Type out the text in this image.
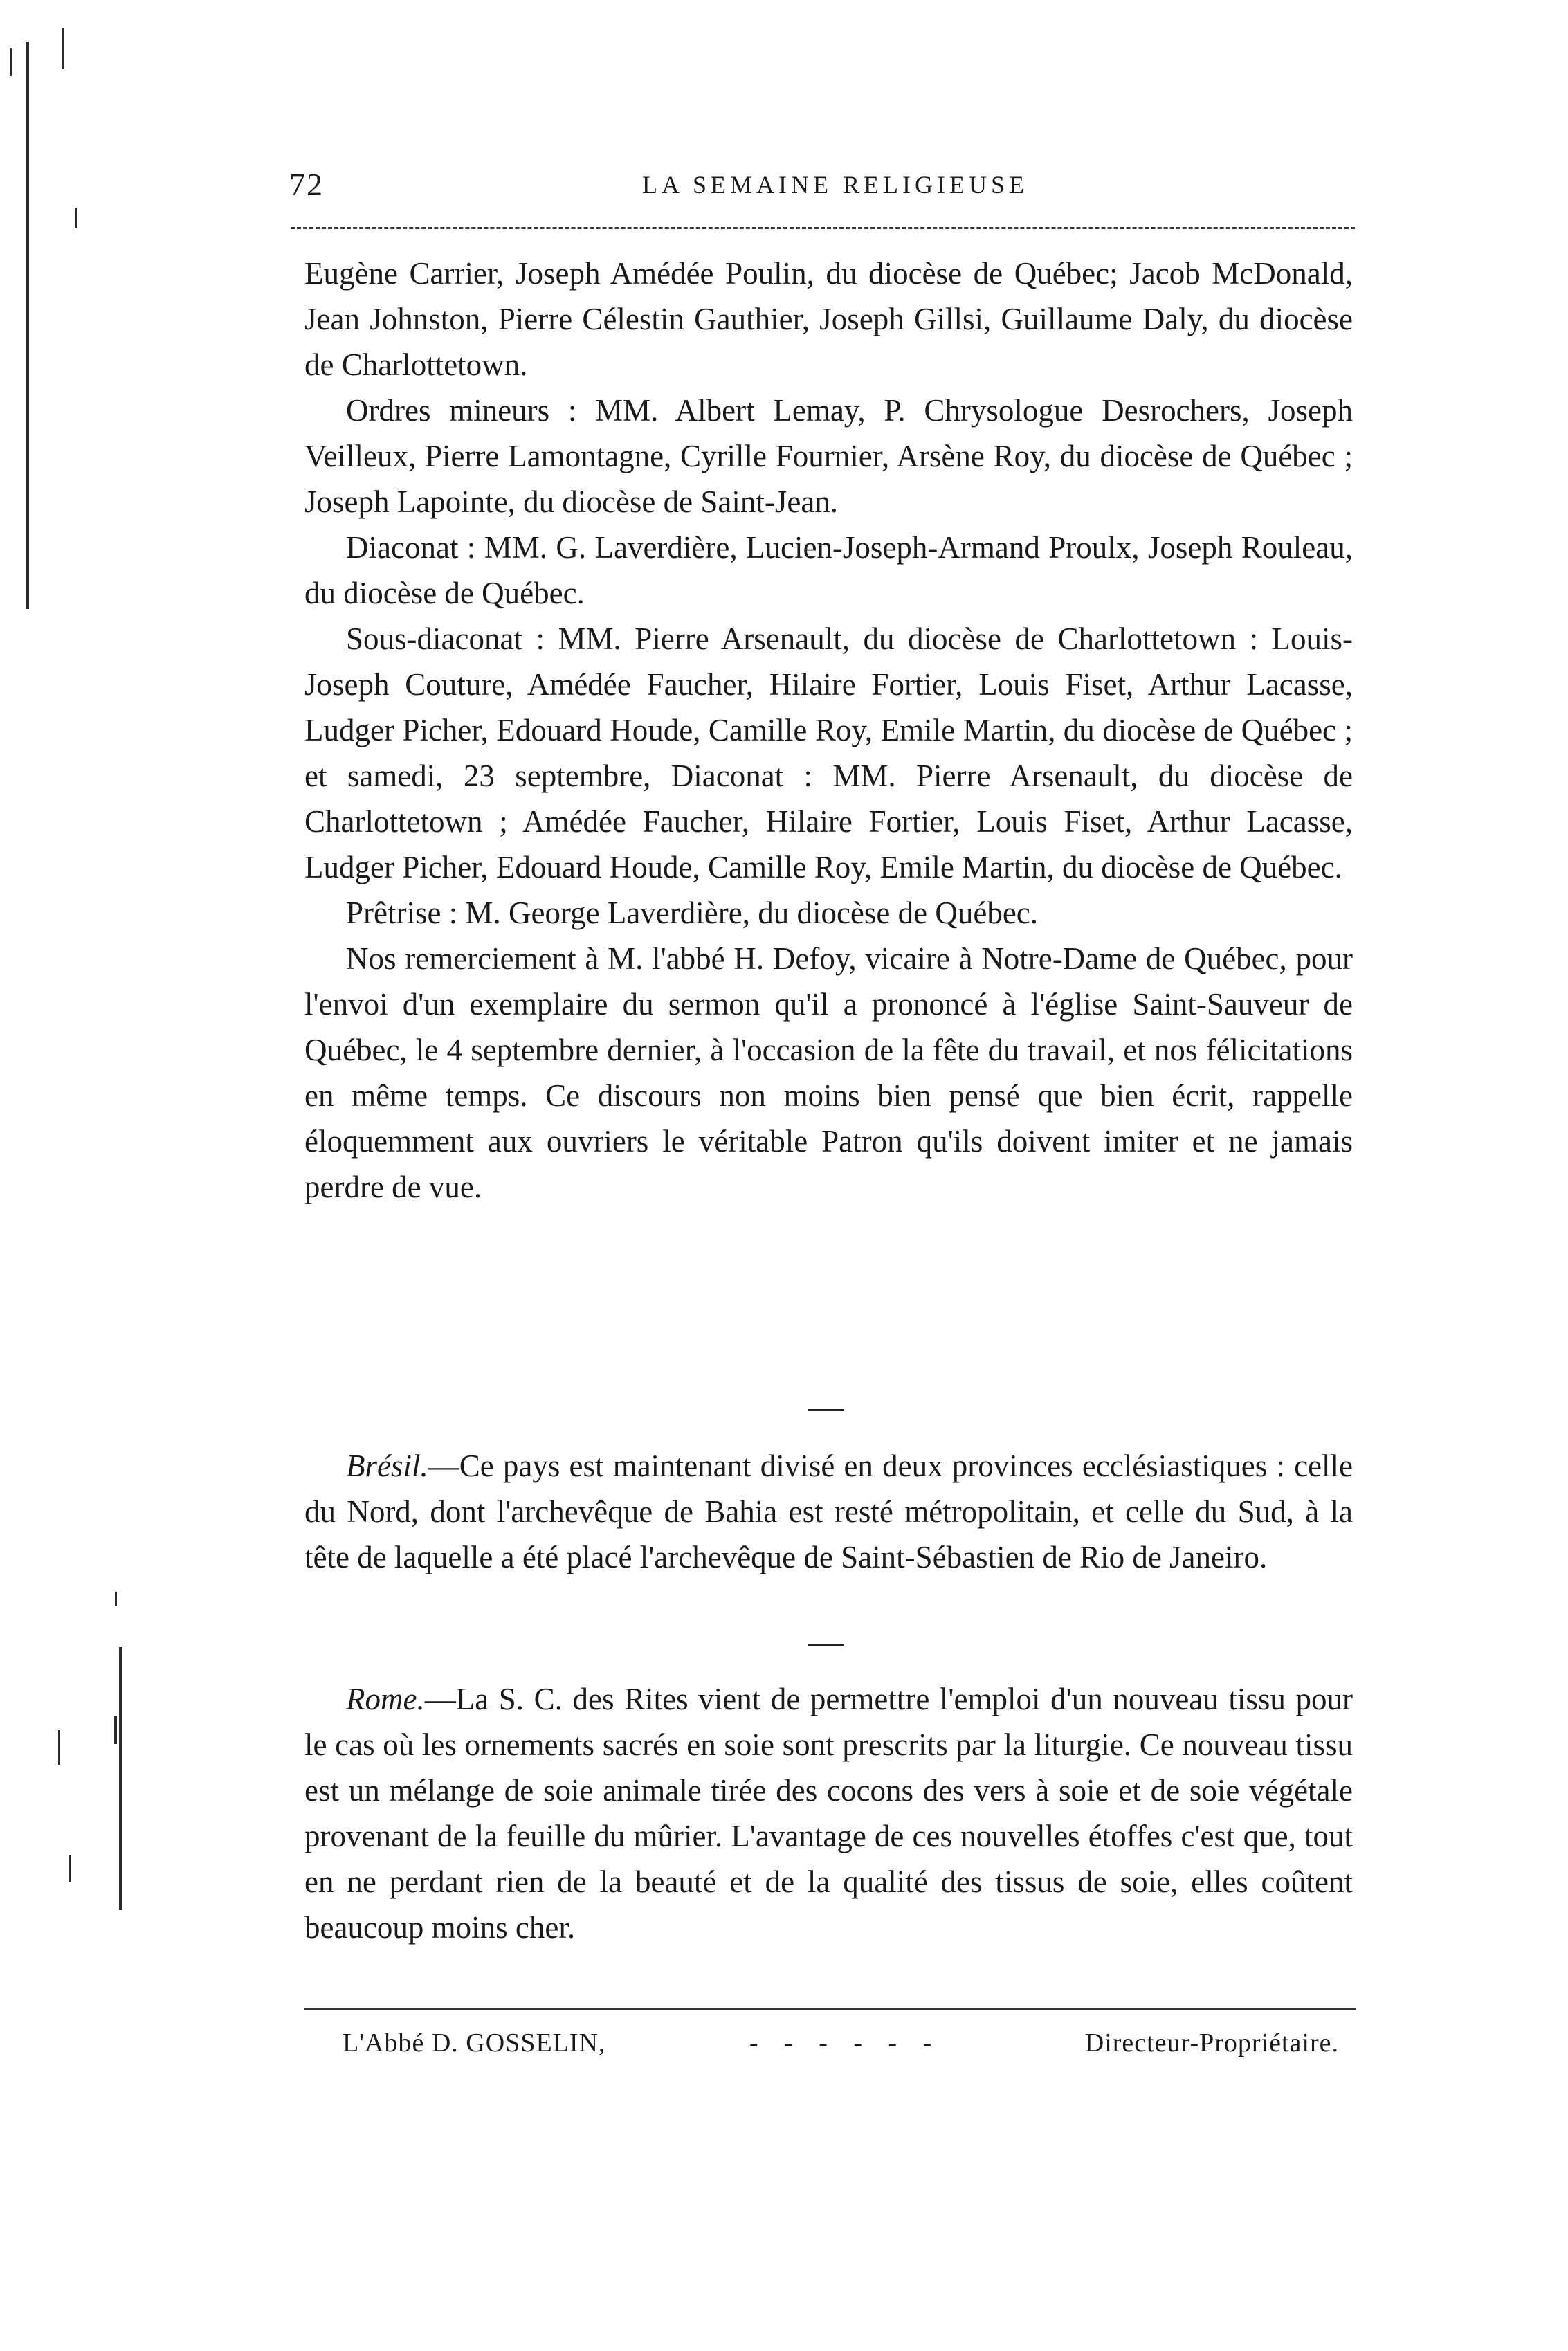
72	LA SEMAINE RELIGIEUSE

Eugène Carrier, Joseph Amédée Poulin, du diocèse de Québec; Jacob McDonald, Jean Johnston, Pierre Célestin Gauthier, Joseph Gillsi, Guillaume Daly, du diocèse de Charlottetown.

Ordres mineurs : MM. Albert Lemay, P. Chrysologue Desrochers, Joseph Veilleux, Pierre Lamontagne, Cyrille Fournier, Arsène Roy, du diocèse de Québec ; Joseph Lapointe, du diocèse de Saint-Jean.

Diaconat : MM. G. Laverdière, Lucien-Joseph-Armand Proulx, Joseph Rouleau, du diocèse de Québec.

Sous-diaconat : MM. Pierre Arsenault, du diocèse de Charlottetown : Louis-Joseph Couture, Amédée Faucher, Hilaire Fortier, Louis Fiset, Arthur Lacasse, Ludger Picher, Edouard Houde, Camille Roy, Emile Martin, du diocèse de Québec ; et samedi, 23 septembre, Diaconat : MM. Pierre Arsenault, du diocèse de Charlottetown ; Amédée Faucher, Hilaire Fortier, Louis Fiset, Arthur Lacasse, Ludger Picher, Edouard Houde, Camille Roy, Emile Martin, du diocèse de Québec.

Prêtrise : M. George Laverdière, du diocèse de Québec.

Nos remerciement à M. l'abbé H. Defoy, vicaire à Notre-Dame de Québec, pour l'envoi d'un exemplaire du sermon qu'il a prononcé à l'église Saint-Sauveur de Québec, le 4 septembre dernier, à l'occasion de la fête du travail, et nos félicitations en même temps. Ce discours non moins bien pensé que bien écrit, rappelle éloquemment aux ouvriers le véritable Patron qu'ils doivent imiter et ne jamais perdre de vue.

Brésil.—Ce pays est maintenant divisé en deux provinces ecclésiastiques : celle du Nord, dont l'archevêque de Bahia est resté métropolitain, et celle du Sud, à la tête de laquelle a été placé l'archevêque de Saint-Sébastien de Rio de Janeiro.

Rome.—La S. C. des Rites vient de permettre l'emploi d'un nouveau tissu pour le cas où les ornements sacrés en soie sont prescrits par la liturgie. Ce nouveau tissu est un mélange de soie animale tirée des cocons des vers à soie et de soie végétale provenant de la feuille du mûrier. L'avantage de ces nouvelles étoffes c'est que, tout en ne perdant rien de la beauté et de la qualité des tissus de soie, elles coûtent beaucoup moins cher.

L'Abbé D. GOSSELIN,	- - - - - -	Directeur-Propriétaire.
